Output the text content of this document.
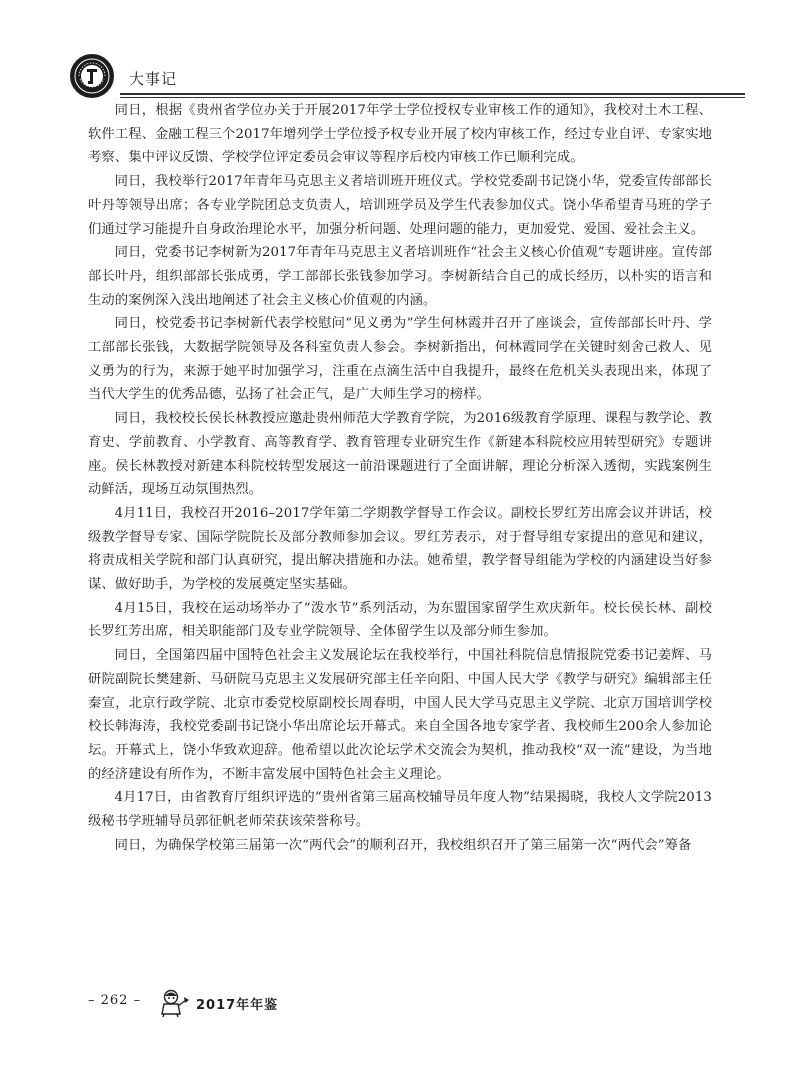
大事记

同日，根据《贵州省学位办关于开展2017年学士学位授权专业审核工作的通知》，我校对土木工程、软件工程、金融工程三个2017年增列学士学位授予权专业开展了校内审核工作，经过专业自评、专家实地考察、集中评议反馈、学校学位评定委员会审议等程序后校内审核工作已顺利完成。

同日，我校举行2017年青年马克思主义者培训班开班仪式。学校党委副书记饶小华，党委宣传部部长叶丹等领导出席；各专业学院团总支负责人，培训班学员及学生代表参加仪式。饶小华希望青马班的学子们通过学习能提升自身政治理论水平，加强分析问题、处理问题的能力，更加爱党、爱国、爱社会主义。

同日，党委书记李树新为2017年青年马克思主义者培训班作“社会主义核心价值观”专题讲座。宣传部部长叶丹，组织部部长张成勇，学工部部长张钱参加学习。李树新结合自己的成长经历，以朴实的语言和生动的案例深入浅出地阐述了社会主义核心价值观的内涵。

同日，校党委书记李树新代表学校慰问“见义勇为”学生何林霞并召开了座谈会，宣传部部长叶丹、学工部部长张钱，大数据学院领导及各科室负责人参会。李树新指出，何林霞同学在关键时刻舍己救人、见义勇为的行为，来源于她平时加强学习，注重在点滴生活中自我提升，最终在危机关头表现出来，体现了当代大学生的优秀品德，弘扬了社会正气，是广大师生学习的榜样。

同日，我校校长侯长林教授应邀赴贵州师范大学教育学院，为2016级教育学原理、课程与教学论、教育史、学前教育、小学教育、高等教育学、教育管理专业研究生作《新建本科院校应用转型研究》专题讲座。侯长林教授对新建本科院校转型发展这一前沿课题进行了全面讲解，理论分析深入透彻，实践案例生动鲜活，现场互动氛围热烈。

4月11日，我校召开2016–2017学年第二学期教学督导工作会议。副校长罗红芳出席会议并讲话，校级教学督导专家、国际学院院长及部分教师参加会议。罗红芳表示，对于督导组专家提出的意见和建议，将责成相关学院和部门认真研究，提出解决措施和办法。她希望，教学督导组能为学校的内涵建设当好参谋、做好助手，为学校的发展奠定坚实基础。

4月15日，我校在运动场举办了“泼水节”系列活动，为东盟国家留学生欢庆新年。校长侯长林、副校长罗红芳出席，相关职能部门及专业学院领导、全体留学生以及部分师生参加。

同日，全国第四届中国特色社会主义发展论坛在我校举行，中国社科院信息情报院党委书记姜辉、马研院副院长樊建新、马研院马克思主义发展研究部主任辛向阳、中国人民大学《教学与研究》编辑部主任秦宣，北京行政学院、北京市委党校原副校长周春明，中国人民大学马克思主义学院、北京万国培训学校校长韩海涛，我校党委副书记饶小华出席论坛开幕式。来自全国各地专家学者、我校师生200余人参加论坛。开幕式上，饶小华致欢迎辞。他希望以此次论坛学术交流会为契机，推动我校“双一流”建设，为当地的经济建设有所作为，不断丰富发展中国特色社会主义理论。

4月17日，由省教育厅组织评选的“贵州省第三届高校辅导员年度人物”结果揭晓，我校人文学院2013级秘书学班辅导员郭征帆老师荣获该荣誉称号。

同日，为确保学校第三届第一次“两代会”的顺利召开，我校组织召开了第三届第一次“两代会”筹备

– 262 –	2017年年鉴
